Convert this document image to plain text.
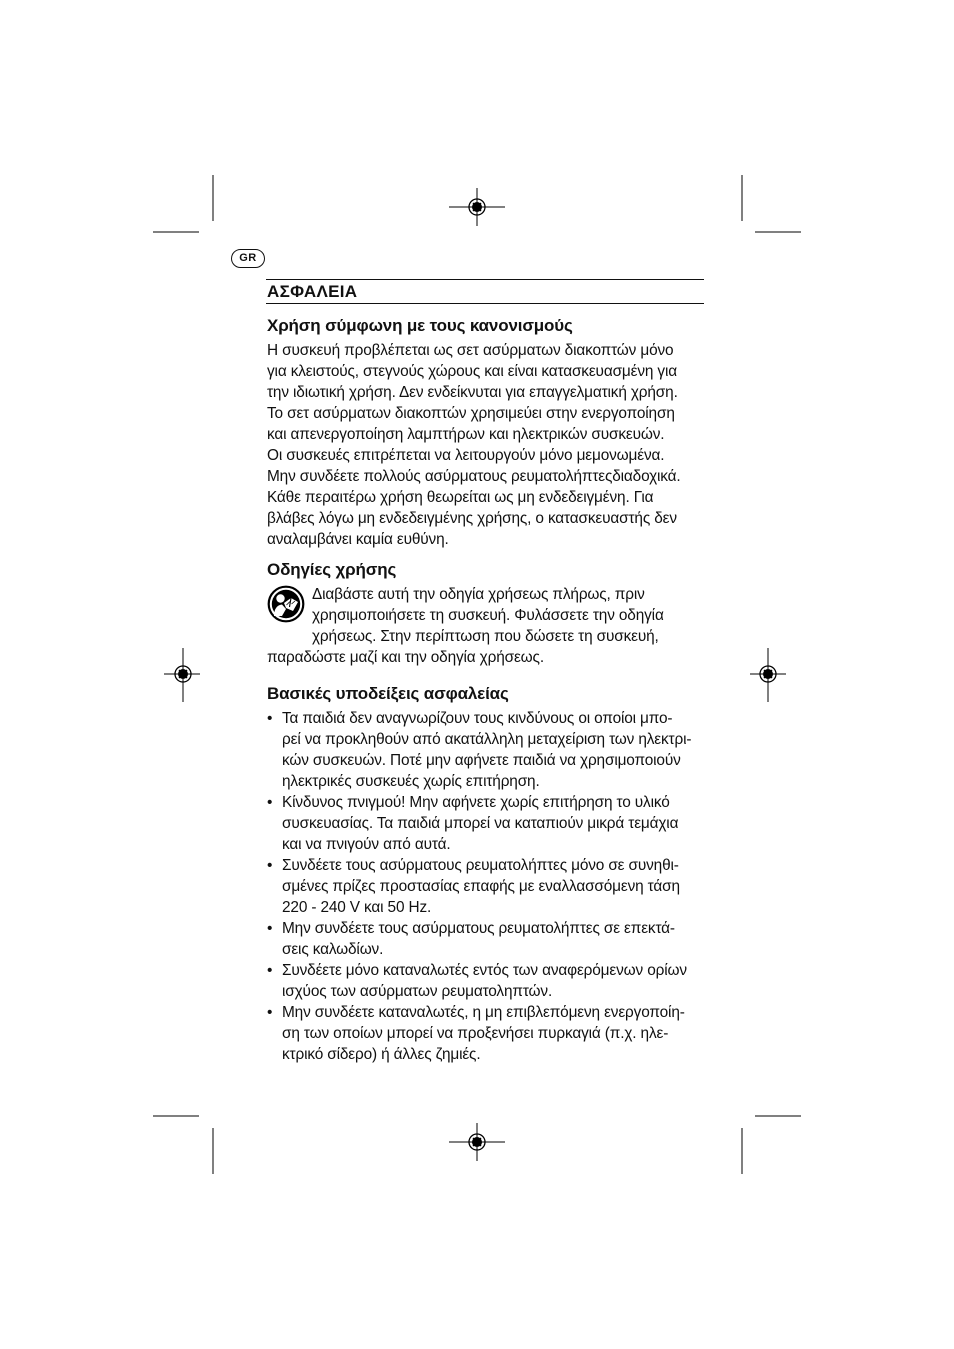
GR
ΑΣΦΑΛΕΙΑ
Χρήση σύμφωνη με τους κανονισμούς

Η συσκευή προβλέπεται ως σετ ασύρματων διακοπτών μόνο
για κλειστούς, στεγνούς χώρους και είναι κατασκευασμένη για
την ιδιωτική χρήση. Δεν ενδείκνυται για επαγγελματική χρήση.
Το σετ ασύρματων διακοπτών χρησιμεύει στην ενεργοποίηση
και απενεργοποίηση λαμπτήρων και ηλεκτρικών συσκευών.
Οι συσκευές επιτρέπεται να λειτουργούν μόνο μεμονωμένα.
Μην συνδέετε πολλούς ασύρματους ρευματολήπτεςδιαδοχικά.
Κάθε περαιτέρω χρήση θεωρείται ως μη ενδεδειγμένη. Για
βλάβες λόγω μη ενδεδειγμένης χρήσης, ο κατασκευαστής δεν
αναλαμβάνει καμία ευθύνη.

Οδηγίες χρήσης

Διαβάστε αυτή την οδηγία χρήσεως πλήρως, πριν
χρησιμοποιήσετε τη συσκευή. Φυλάσσετε την οδηγία
χρήσεως. Στην περίπτωση που δώσετε τη συσκευή,
παραδώστε μαζί και την οδηγία χρήσεως.

Βασικές υποδείξεις ασφαλείας
• Τα παιδιά δεν αναγνωρίζουν τους κινδύνους οι οποίοι μπο-
ρεί να προκληθούν από ακατάλληλη μεταχείριση των ηλεκτρι-
κών συσκευών. Ποτέ μην αφήνετε παιδιά να χρησιμοποιούν
ηλεκτρικές συσκευές χωρίς επιτήρηση.
• Κίνδυνος πνιγμού! Μην αφήνετε χωρίς επιτήρηση το υλικό
συσκευασίας. Τα παιδιά μπορεί να καταπιούν μικρά τεμάχια
και να πνιγούν από αυτά.
• Συνδέετε τους ασύρματους ρευματολήπτες μόνο σε συνηθι-
σμένες πρίζες προστασίας επαφής με εναλλασσόμενη τάση
220 - 240 V και 50 Hz.
• Μην συνδέετε τους ασύρματους ρευματολήπτες σε επεκτά-
σεις καλωδίων.
• Συνδέετε μόνο καταναλωτές εντός των αναφερόμενων ορίων
ισχύος των ασύρματων ρευματοληπτών.
• Μην συνδέετε καταναλωτές, η μη επιβλεπόμενη ενεργοποίη-
ση των οποίων μπορεί να προξενήσει πυρκαγιά (π.χ. ηλε-
κτρικό σίδερο) ή άλλες ζημιές.
